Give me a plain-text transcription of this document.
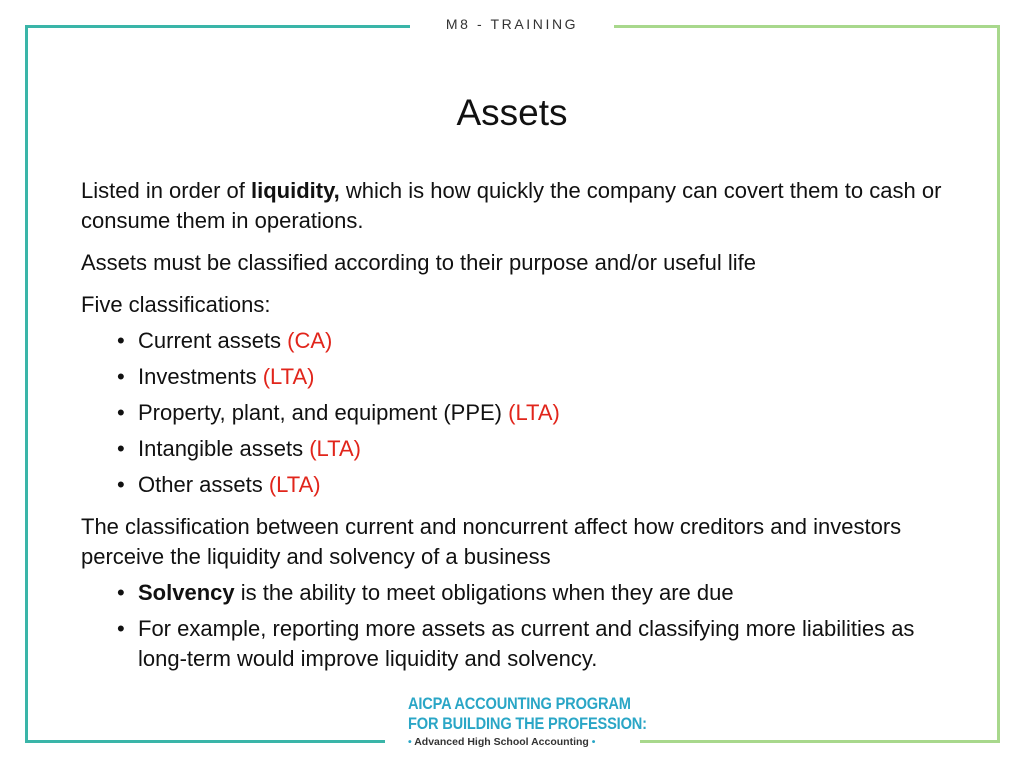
M8 - TRAINING
Assets

Listed in order of liquidity, which is how quickly the company can covert them to cash or consume them in operations.

Assets must be classified according to their purpose and/or useful life

Five classifications:

• Current assets (CA)
• Investments (LTA)
• Property, plant, and equipment (PPE) (LTA)
• Intangible assets (LTA)
• Other assets (LTA)

The classification between current and noncurrent affect how creditors and investors perceive the liquidity and solvency of a business

• Solvency is the ability to meet obligations when they are due
• For example, reporting more assets as current and classifying more liabilities as long-term would improve liquidity and solvency.
AICPA ACCOUNTING PROGRAM
FOR BUILDING THE PROFESSION:
• Advanced High School Accounting •
